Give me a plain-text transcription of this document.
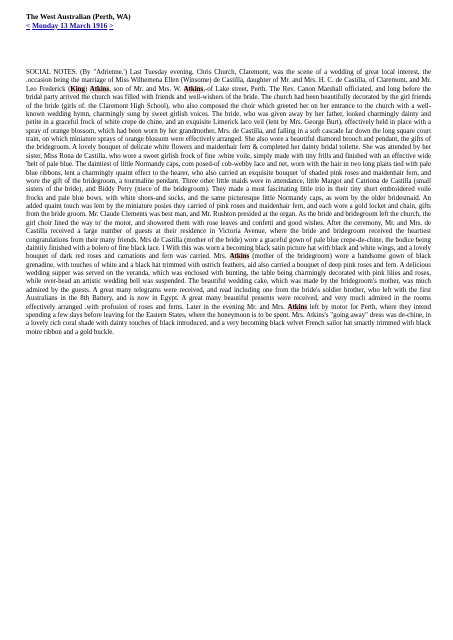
The West Australian (Perth, WA)
< Monday 13 March 1916 >

SOCIAL NOTES. (By "Adrienne.') Last Tuesday evening, Chris Church, Claremont, was the scene of a wedding of great local interest, the .occasion being the marriage of Miss Wilhemena Ellen (Winsome) de Castilla, daughter of Mr. and Mrs. H. C. de Castilla, of Claremont, and Mr. Leo Frederick (King) Atkins, son of Mr. and Mrs. W. Atkins,-of Lake street, Perth. The Rev. Canon Marshall officiated, and long before the bridal party arrived the church was filled with friends and well-wishers of the bride. The church had been beautifully decorated by the girl friends of the bride (girls of. the Claremont High School), who also composed the choir which greeted her on her entrance to the church with a well-known wedding hymn, charmingly sung by sweet girlish voices. The bride, who was given away by her father, looked charmingly dainty and petite in a graceful frock of white crepe de chine, and an exquisite Limerick laco veil (lent by Mrs. George Burt), effectively held in place with a spray of orange blossom, which had been worn by her grandmother, Mrs. de Castilla, and falling in a soft cascade far down the long square court train, on which miniature sprays of orange blossom were effectively arranged. She also wore a beautiful diamond brooch and pendant, the gifts of the bridegroom. A lovely bouquet of delicate white flowers and maidenhair fern & completed her dainty bridal toilette. She was attended by her sister, Miss Rona de Castilla, who wore a sweet girlish frock of fine .white voile, simply made with tiny frills and finished with an effective wide 'belt of pale blue. The daintiest of little Normandy caps, com posed-of cob-webby lace and net, worn with the hair in two long plaits tied with pale blue ribbons, lent a charmingly quaint effect to the hearer, who also carried an exquisite bouquet 'of shaded pink roses and maidenhair fern, and wore the gift of the bridegroom, a tourmaline pendant. Three other little maids were in attendance, little Margot and Catriona de Castilla (small sisters of the bride), and Biddy Perry (niece of the bridegroom). They made a most fascinating little trio in their tiny short embroidered voile frocks and pale blue bows, with white shoes-and socks, and the same picturesque little Normandy caps, as worn by the older bridesmaid. An added quaint touch was lent by the miniature posies they carried of pink roses and maidenhair fern, and each wore a gold locket and chain, gifts from the bride groom. Mr. Claude Clements was best man, and Mr. Rushton presided at the organ. As the bride and bridegroom left the church, the girl choir lined the way to' the motor, and showered them with rose leaves and confetti and good wishes. After the ceremony, Mr. and Mrs. de Castilla received a large number of guests at their residence in Victoria Avenue, where the bride and bridegroom received the heartiest congratulations from their many friends. Mrs de Castilla (mother of the bride) wore a graceful gown of pale blue crepe-de-chine, the bodice being daintily finished with a bolero of fine black lace. I With this was worn a becoming black satin picture hat with black and white wings, and a lovely bouquet of dark red roses and carnations and fern was carried. Mrs. Atkins (mother of the bridegroom) wore a handsome gown of black grenadine, with touches of white and a black hat trimmed with ostrich feathers, aid also carried a bouquet of deep pink roses and fern. A delicious wedding supper was served on the veranda, which was enclosed with bunting, the table being charmingly decorated with pink lilies and roses, while over-head an artistic wedding bell was suspended. The beautiful wedding cake, which was made by the bridegroom's mother, was much admired by the guests. A great many telegrams were received, and read including one from the bride's soldier brother, who left with the first Australians in the 8th Battery, and is now in Egypt. A great many beautiful presents were received, and very much admired in the rooms effectively arranged .with profusion of roses and ferns. Later in the evening Mr. and Mrs. Atkins left by motor for Perth, where they intend spending a few days before leaving for the Eastern States, where the honeymoon is to be spent. Mrs. Atkins's "going away" dress was de-chine, in a lovely rich coral shade with dainty touches of black introduced, and a very becoming black velvet French sailor hat smartly trimmed with black moire ribbon and a gold buckle.
